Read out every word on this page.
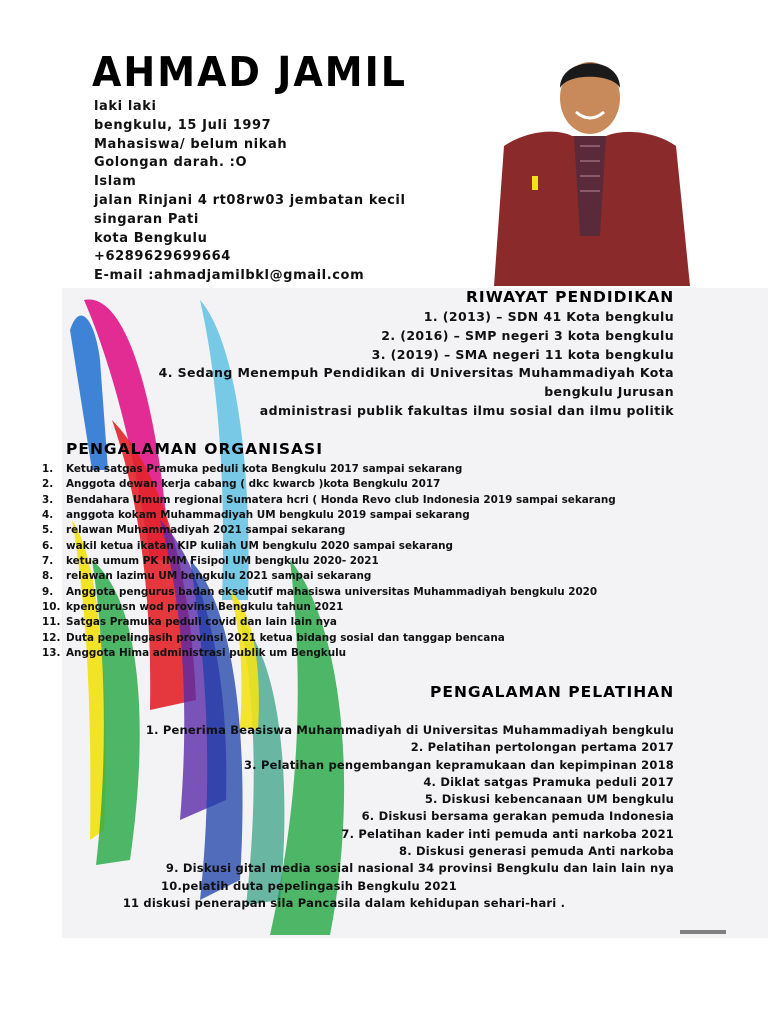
AHMAD JAMIL
laki laki
bengkulu, 15 Juli 1997
Mahasiswa/ belum nikah
Golongan darah. :O
Islam
jalan Rinjani 4 rt08rw03 jembatan kecil
singaran Pati
kota Bengkulu
+6289629699664
E-mail :ahmadjamilbkl@gmail.com
RIWAYAT PENDIDIKAN
1. (2013) – SDN 41 Kota bengkulu
2. (2016) – SMP negeri 3 kota bengkulu
3. (2019) – SMA negeri 11 kota bengkulu
4. Sedang Menempuh Pendidikan di Universitas Muhammadiyah Kota
bengkulu Jurusan
administrasi publik fakultas ilmu sosial dan ilmu politik
PENGALAMAN ORGANISASI
1.	Ketua satgas Pramuka peduli kota Bengkulu 2017 sampai sekarang
2.	Anggota dewan kerja cabang ( dkc kwarcb )kota Bengkulu 2017
3.	Bendahara Umum regional Sumatera hcri ( Honda Revo club Indonesia 2019 sampai sekarang
4.	anggota kokam Muhammadiyah UM bengkulu 2019 sampai sekarang
5.	relawan Muhammadiyah 2021 sampai sekarang
6.	wakil ketua ikatan KIP kuliah UM bengkulu 2020 sampai sekarang
7.	ketua umum PK IMM Fisipol UM bengkulu 2020- 2021
8.	relawan lazimu UM bengkulu 2021 sampai sekarang
9.	Anggota pengurus badan eksekutif mahasiswa universitas Muhammadiyah bengkulu 2020
10. kpengurusn wod provinsi Bengkulu tahun 2021
11. Satgas Pramuka peduli covid dan lain lain nya
12. Duta pepelingasih provinsi 2021 ketua bidang sosial dan tanggap bencana
13. Anggota Hima administrasi publik um Bengkulu
PENGALAMAN PELATIHAN
1. Penerima Beasiswa Muhammadiyah di Universitas Muhammadiyah bengkulu
2. Pelatihan pertolongan pertama 2017
3. Pelatihan pengembangan kepramukaan dan kepimpinan 2018
4. Diklat satgas Pramuka peduli 2017
5. Diskusi kebencanaan UM bengkulu
6. Diskusi bersama gerakan pemuda Indonesia
7. Pelatihan kader inti pemuda anti narkoba 2021
8. Diskusi generasi pemuda Anti narkoba
9. Diskusi gital media sosial nasional 34 provinsi Bengkulu dan lain lain nya
10.pelatih duta pepelingasih Bengkulu 2021
11 diskusi penerapan sila Pancasila dalam kehidupan sehari-hari .
